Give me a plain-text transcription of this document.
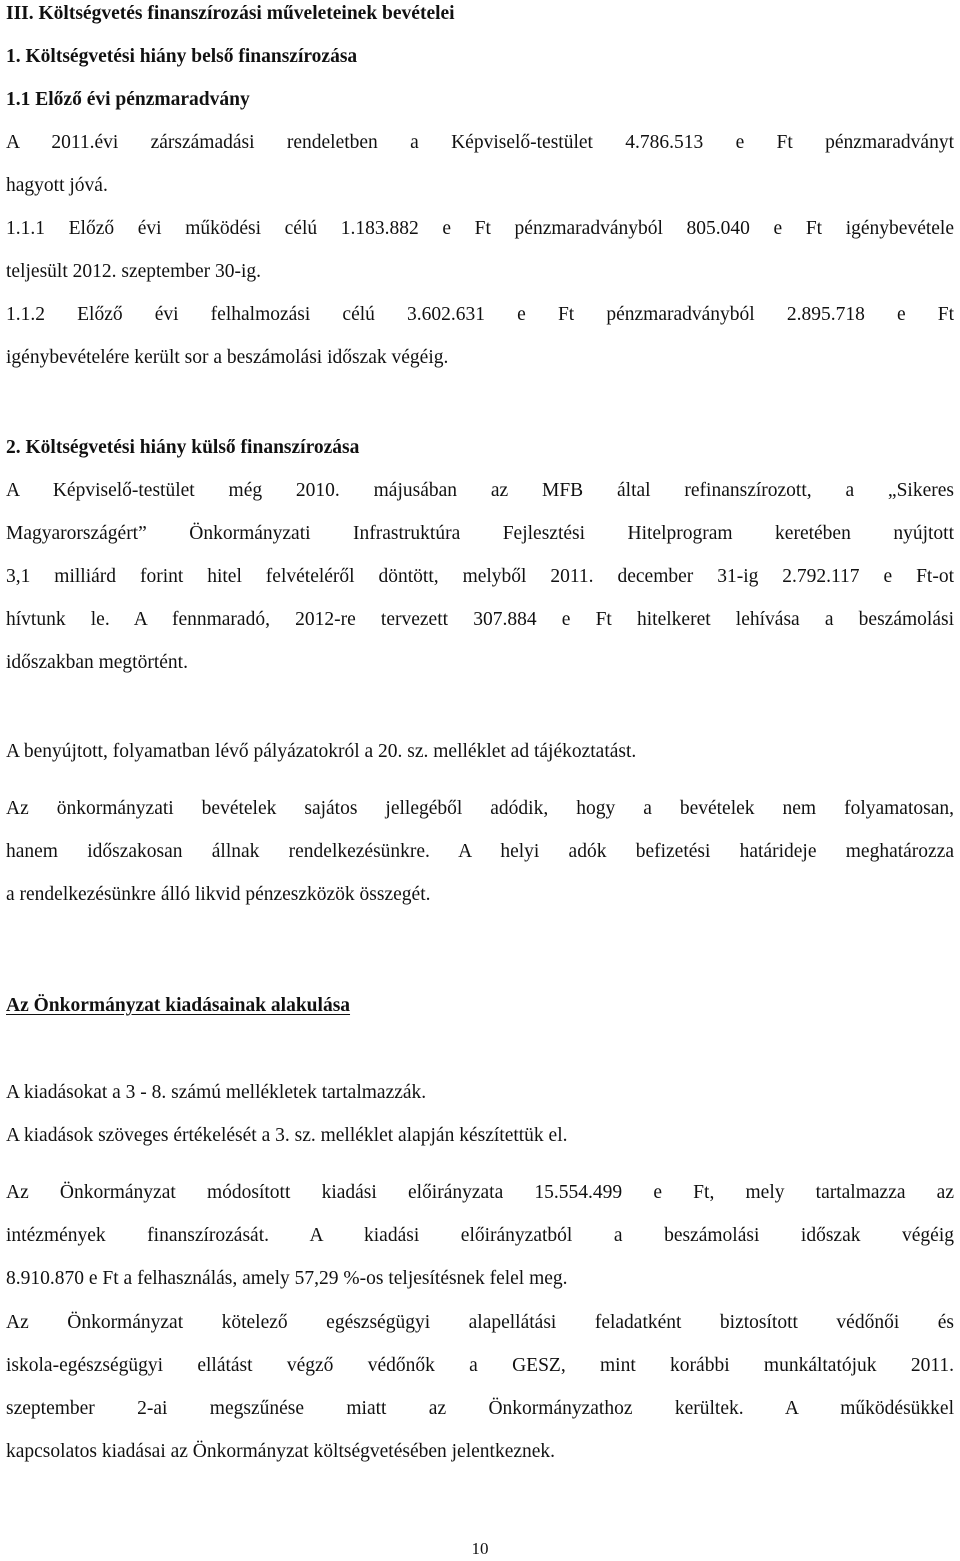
III. Költségvetés finanszírozási műveleteinek bevételei
1. Költségvetési hiány belső finanszírozása
1.1 Előző évi pénzmaradvány
A 2011.évi zárszámadási rendeletben a Képviselő-testület 4.786.513 e Ft pénzmaradványt
hagyott jóvá.
1.1.1 Előző évi működési célú 1.183.882 e Ft pénzmaradványból 805.040 e Ft igénybevétele
teljesült 2012. szeptember 30-ig.
1.1.2 Előző évi felhalmozási célú 3.602.631 e Ft pénzmaradványból 2.895.718 e Ft
igénybevételére került sor a beszámolási időszak végéig.
2. Költségvetési hiány külső finanszírozása
A Képviselő-testület még 2010. májusában az MFB által refinanszírozott, a „Sikeres
Magyarországért” Önkormányzati Infrastruktúra Fejlesztési Hitelprogram keretében nyújtott
3,1 milliárd forint hitel felvételéről döntött, melyből 2011. december 31-ig 2.792.117 e Ft-ot
hívtunk le. A fennmaradó, 2012-re tervezett 307.884 e Ft hitelkeret lehívása a beszámolási
időszakban megtörtént.
A benyújtott, folyamatban lévő pályázatokról a 20. sz. melléklet ad tájékoztatást.
Az önkormányzati bevételek sajátos jellegéből adódik, hogy a bevételek nem folyamatosan,
hanem időszakosan állnak rendelkezésünkre. A helyi adók befizetési határideje meghatározza
a rendelkezésünkre álló likvid pénzeszközök összegét.
Az Önkormányzat kiadásainak alakulása
A kiadásokat a 3 - 8. számú mellékletek tartalmazzák.
A kiadások szöveges értékelését a 3. sz. melléklet alapján készítettük el.
Az Önkormányzat módosított kiadási előirányzata 15.554.499 e Ft, mely tartalmazza az
intézmények finanszírozását. A kiadási előirányzatból a beszámolási időszak végéig
8.910.870 e Ft a felhasználás, amely 57,29 %-os teljesítésnek felel meg.
Az Önkormányzat kötelező egészségügyi alapellátási feladatként biztosított védőnői és
iskola-egészségügyi ellátást végző védőnők a GESZ, mint korábbi munkáltatójuk 2011.
szeptember 2-ai megszűnése miatt az Önkormányzathoz kerültek. A működésükkel
kapcsolatos kiadásai az Önkormányzat költségvetésében jelentkeznek.
10
